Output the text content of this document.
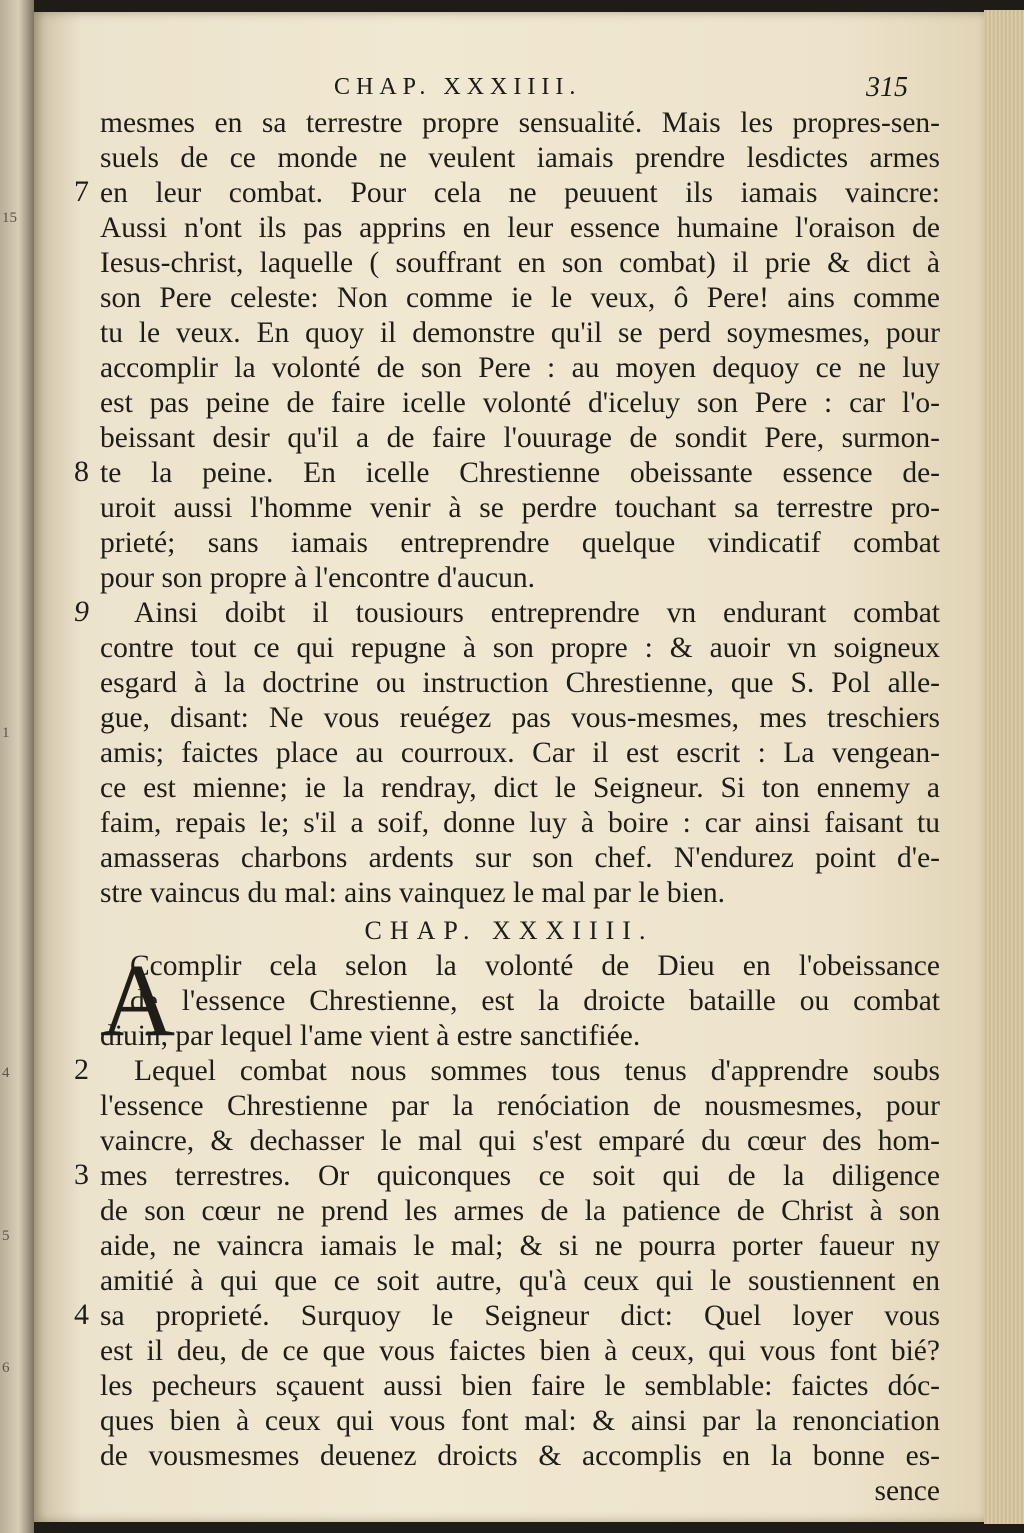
15
1
4
5
6
CHAP. XXXIIII.	315
mesmes en sa terrestre propre sensualité. Mais les propres-sen-
suels de ce monde ne veulent iamais prendre lesdictes armes
en leur combat. Pour cela ne peuuent ils iamais vaincre:
Aussi n'ont ils pas apprins en leur essence humaine l'oraison de
Iesus-christ, laquelle ( souffrant en son combat) il prie & dict à
son Pere celeste: Non comme ie le veux, ô Pere! ains comme
tu le veux. En quoy il demonstre qu'il se perd soymesmes, pour
accomplir la volonté de son Pere : au moyen dequoy ce ne luy
est pas peine de faire icelle volonté d'iceluy son Pere : car l'o-
beissant desir qu'il a de faire l'ouurage de sondit Pere, surmon-
te la peine. En icelle Chrestienne obeissante essence de-
uroit aussi l'homme venir à se perdre touchant sa terrestre pro-
prieté; sans iamais entreprendre quelque vindicatif combat
pour son propre à l'encontre d'aucun.
Ainsi doibt il tousiours entreprendre vn endurant combat
contre tout ce qui repugne à son propre : & auoir vn soigneux
esgard à la doctrine ou instruction Chrestienne, que S. Pol alle-
gue, disant: Ne vous reuégez pas vous-mesmes, mes treschiers
amis; faictes place au courroux. Car il est escrit : La vengean-
ce est mienne; ie la rendray, dict le Seigneur. Si ton ennemy a
faim, repais le; s'il a soif, donne luy à boire : car ainsi faisant tu
amasseras charbons ardents sur son chef. N'endurez point d'e-
stre vaincus du mal: ains vainquez le mal par le bien.
7
8
9
CHAP. XXXIIII.
A
Ccomplir cela selon la volonté de Dieu en l'obeissance
de l'essence Chrestienne, est la droicte bataille ou combat
diuin, par lequel l'ame vient à estre sanctifiée.
Lequel combat nous sommes tous tenus d'apprendre soubs
l'essence Chrestienne par la renóciation de nousmesmes, pour
vaincre, & dechasser le mal qui s'est emparé du cœur des hom-
mes terrestres. Or quiconques ce soit qui de la diligence
de son cœur ne prend les armes de la patience de Christ à son
aide, ne vaincra iamais le mal; & si ne pourra porter faueur ny
amitié à qui que ce soit autre, qu'à ceux qui le soustiennent en
sa proprieté. Surquoy le Seigneur dict: Quel loyer vous
est il deu, de ce que vous faictes bien à ceux, qui vous font bié?
les pecheurs sçauent aussi bien faire le semblable: faictes dóc-
ques bien à ceux qui vous font mal: & ainsi par la renonciation
de vousmesmes deuenez droicts & accomplis en la bonne es-
sence
2
3
4
